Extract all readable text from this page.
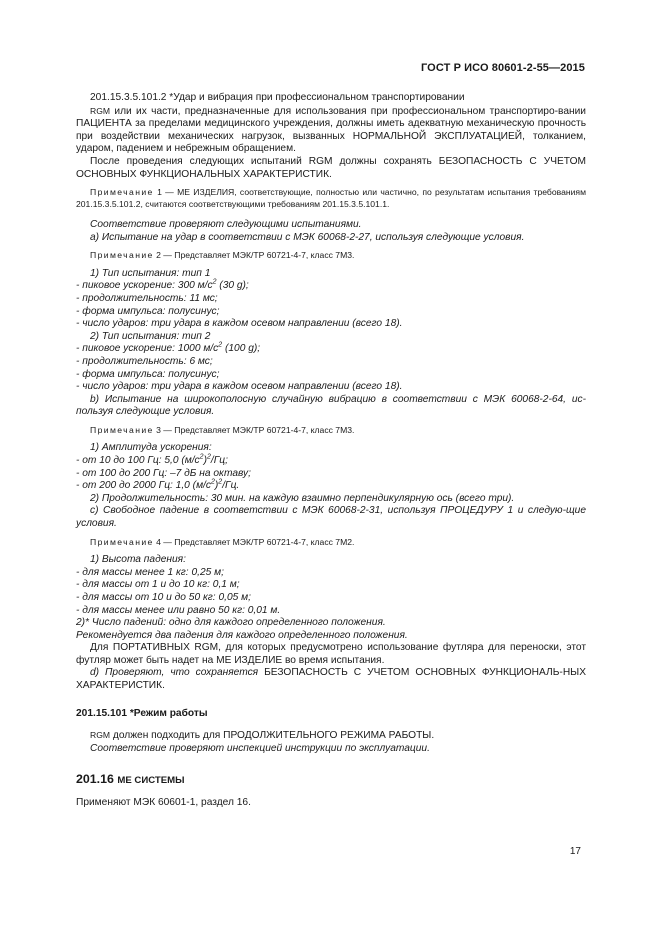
ГОСТ Р ИСО 80601-2-55—2015

201.15.3.5.101.2 *Удар и вибрация при профессиональном транспортировании

RGM или их части, предназначенные для использования при профессиональном транспортиро-вании ПАЦИЕНТА за пределами медицинского учреждения, должны иметь адекватную механическую прочность при воздействии механических нагрузок, вызванных НОРМАЛЬНОЙ ЭКСПЛУАТАЦИЕЙ, толканием, ударом, падением и небрежным обращением.

После проведения следующих испытаний RGM должны сохранять БЕЗОПАСНОСТЬ С УЧЕТОМ ОСНОВНЫХ ФУНКЦИОНАЛЬНЫХ ХАРАКТЕРИСТИК.

Примечание 1 — ME ИЗДЕЛИЯ, соответствующие, полностью или частично, по результатам испытания требованиям 201.15.3.5.101.2, считаются соответствующими требованиям 201.15.3.5.101.1.

Соответствие проверяют следующими испытаниями.

a) Испытание на удар в соответствии с МЭК 60068-2-27, используя следующие условия.

Примечание 2 — Представляет МЭК/ТР 60721-4-7, класс 7M3.

1) Тип испытания: тип 1

- пиковое ускорение: 300 $м/с^2$ (30 g);

- продолжительность: 11 мс;

- форма импульса: полусинус;

- число ударов: три удара в каждом осевом направлении (всего 18).

2) Тип испытания: тип 2

- пиковое ускорение: 1000 $м/с^2$ (100 g);

- продолжительность: 6 мс;

- форма импульса: полусинус;

- число ударов: три удара в каждом осевом направлении (всего 18).

b) Испытание на широкополосную случайную вибрацию в соответствии с МЭК 60068-2-64, ис-пользуя следующие условия.

Примечание 3 — Представляет МЭК/ТР 60721-4-7, класс 7M3.

1) Амплитуда ускорения:

- от 10 до 100 Гц: 5,0 $(м/с^2)^2/Гц$;

- от 100 до 200 Гц: –7 дБ на октаву;

- от 200 до 2000 Гц: 1,0 $(м/с^2)^2/Гц$.

2) Продолжительность: 30 мин. на каждую взаимно перпендикулярную ось (всего три).

c) Свободное падение в соответствии с МЭК 60068-2-31, используя ПРОЦЕДУРУ 1 и следую-щие условия.

Примечание 4 — Представляет МЭК/ТР 60721-4-7, класс 7M2.

1) Высота падения:

- для массы менее 1 кг: 0,25 м;

- для массы от 1 и до 10 кг: 0,1 м;

- для массы от 10 и до 50 кг: 0,05 м;

- для массы менее или равно 50 кг: 0,01 м.

2)* Число падений: одно для каждого определенного положения.

Рекомендуется два падения для каждого определенного положения.

Для ПОРТАТИВНЫХ RGM, для которых предусмотрено использование футляра для переноски, этот футляр может быть надет на ME ИЗДЕЛИЕ во время испытания.

d) Проверяют, что сохраняется БЕЗОПАСНОСТЬ С УЧЕТОМ ОСНОВНЫХ ФУНКЦИОНАЛЬ-НЫХ ХАРАКТЕРИСТИК.

201.15.101 *Режим работы

RGM должен подходить для ПРОДОЛЖИТЕЛЬНОГО РЕЖИМА РАБОТЫ.

Соответствие проверяют инспекцией инструкции по эксплуатации.

201.16 ME СИСТЕМЫ

Применяют МЭК 60601-1, раздел 16.

17
